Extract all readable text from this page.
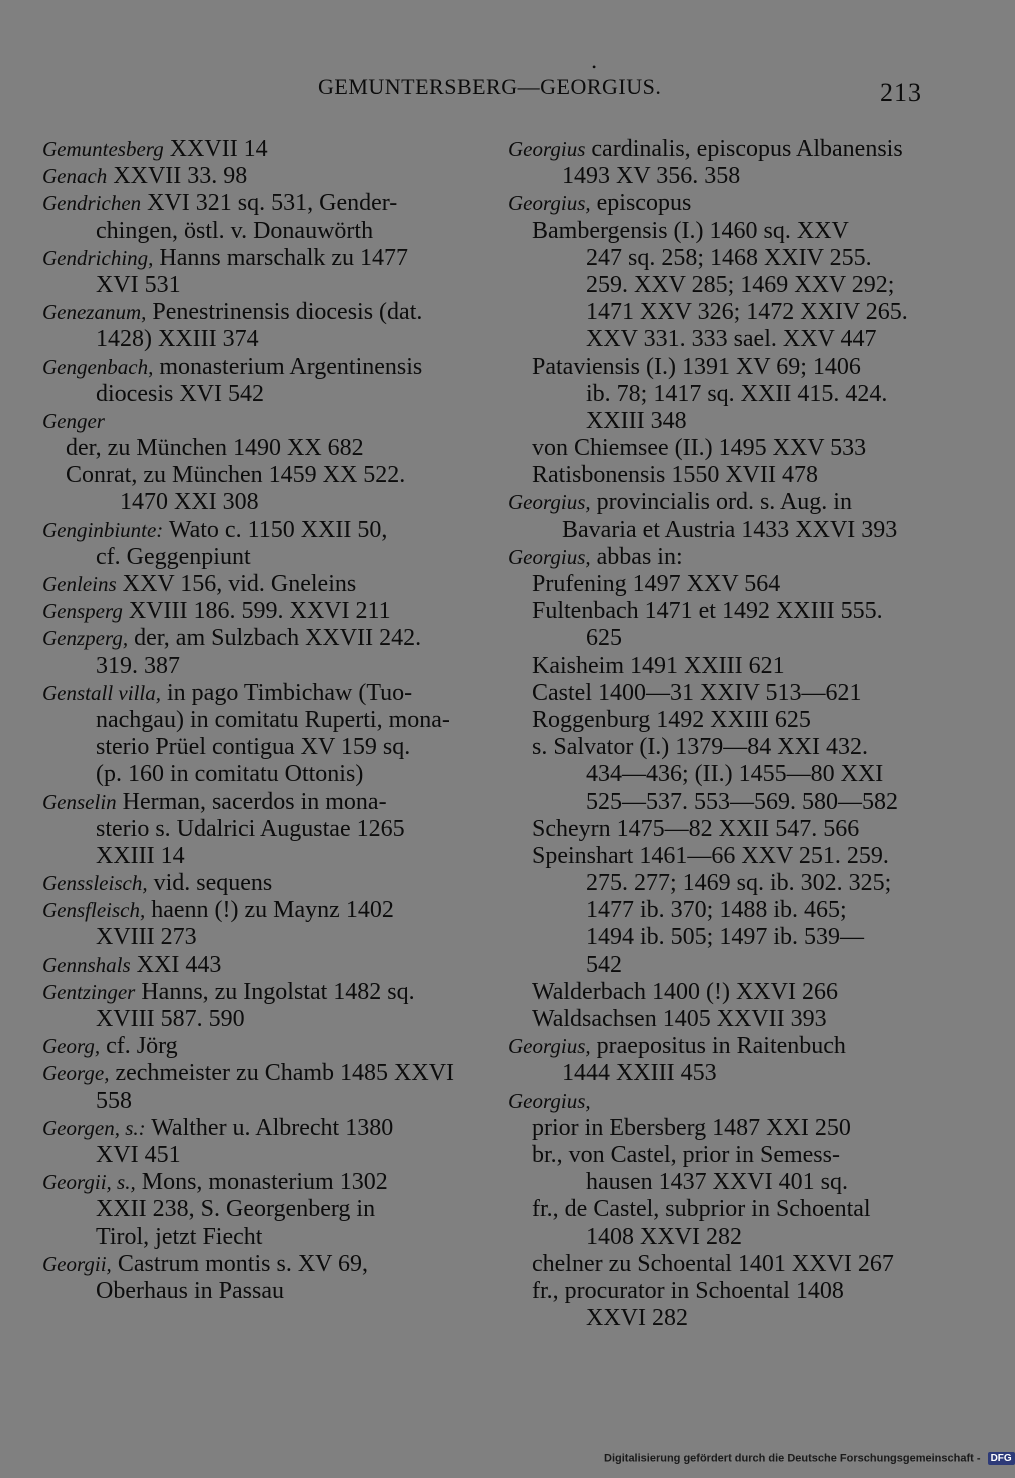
•
GEMUNTERSBERG—GEORGIUS.	213
Gemuntesberg XXVII 14
Genach XXVII 33. 98
Gendrichen XVI 321 sq. 531, Gender-
chingen, östl. v. Donauwörth
Gendriching, Hanns marschalk zu 1477
XVI 531
Genezanum, Penestrinensis diocesis (dat.
1428) XXIII 374
Gengenbach, monasterium Argentinensis
diocesis XVI 542
Genger
der, zu München 1490 XX 682
Conrat, zu München 1459 XX 522.
1470 XXI 308
Genginbiunte: Wato c. 1150 XXII 50,
cf. Geggenpiunt
Genleins XXV 156, vid. Gneleins
Gensperg XVIII 186. 599. XXVI 211
Genzperg, der, am Sulzbach XXVII 242.
319. 387
Genstall villa, in pago Timbichaw (Tuo-
nachgau) in comitatu Ruperti, mona-
sterio Prüel contigua XV 159 sq.
(p. 160 in comitatu Ottonis)
Genselin Herman, sacerdos in mona-
sterio s. Udalrici Augustae 1265
XXIII 14
Genssleisch, vid. sequens
Gensfleisch, haenn (!) zu Maynz 1402
XVIII 273
Gennshals XXI 443
Gentzinger Hanns, zu Ingolstat 1482 sq.
XVIII 587. 590
Georg, cf. Jörg
George, zechmeister zu Chamb 1485 XXVI
558
Georgen, s.: Walther u. Albrecht 1380
XVI 451
Georgii, s., Mons, monasterium 1302
XXII 238, S. Georgenberg in
Tirol, jetzt Fiecht
Georgii, Castrum montis s. XV 69,
Oberhaus in Passau
Georgius cardinalis, episcopus Albanensis
1493 XV 356. 358
Georgius, episcopus
Bambergensis (I.) 1460 sq. XXV
247 sq. 258; 1468 XXIV 255.
259. XXV 285; 1469 XXV 292;
1471 XXV 326; 1472 XXIV 265.
XXV 331. 333 sael. XXV 447
Pataviensis (I.) 1391 XV 69; 1406
ib. 78; 1417 sq. XXII 415. 424.
XXIII 348
von Chiemsee (II.) 1495 XXV 533
Ratisbonensis 1550 XVII 478
Georgius, provincialis ord. s. Aug. in
Bavaria et Austria 1433 XXVI 393
Georgius, abbas in:
Prufening 1497 XXV 564
Fultenbach 1471 et 1492 XXIII 555.
625
Kaisheim 1491 XXIII 621
Castel 1400—31 XXIV 513—621
Roggenburg 1492 XXIII 625
s. Salvator (I.) 1379—84 XXI 432.
434—436; (II.) 1455—80 XXI
525—537. 553—569. 580—582
Scheyrn 1475—82 XXII 547. 566
Speinshart 1461—66 XXV 251. 259.
275. 277; 1469 sq. ib. 302. 325;
1477 ib. 370; 1488 ib. 465;
1494 ib. 505; 1497 ib. 539—
542
Walderbach 1400 (!) XXVI 266
Waldsachsen 1405 XXVII 393
Georgius, praepositus in Raitenbuch
1444 XXIII 453
Georgius,
prior in Ebersberg 1487 XXI 250
br., von Castel, prior in Semess-
hausen 1437 XXVI 401 sq.
fr., de Castel, subprior in Schoental
1408 XXVI 282
chelner zu Schoental 1401 XXVI 267
fr., procurator in Schoental 1408
XXVI 282
Digitalisierung gefördert durch die Deutsche Forschungsgemeinschaft - DFG
